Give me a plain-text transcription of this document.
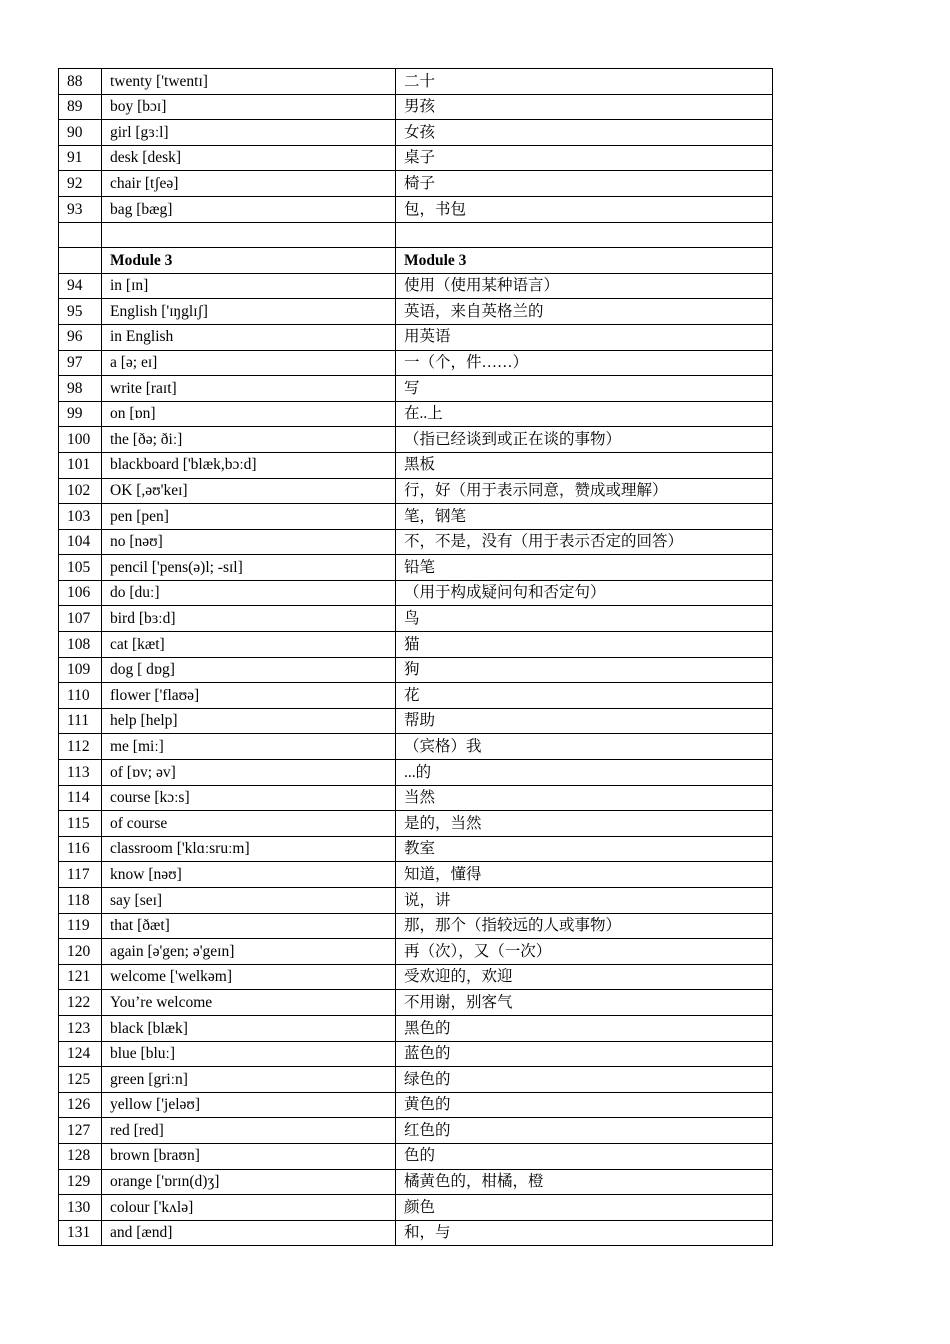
88	twenty ['twentɪ]	二十
89	boy [bɔɪ]	男孩
90	girl [gɜːl]	女孩
91	desk [desk]	桌子
92	chair [tʃeə]	椅子
93	bag [bæg]	包，书包

	Module 3	Module 3
94	in [ɪn]	使用（使用某种语言）
95	English ['ɪŋglɪʃ]	英语，来自英格兰的
96	in English	用英语
97	a [ə; eɪ]	一（个，件……）
98	write [raɪt]	写
99	on [ɒn]	在..上
100	the [ðə; ðiː]	（指已经谈到或正在谈的事物）
101	blackboard ['blæk,bɔːd]	黑板
102	OK [,əʊ'keɪ]	行，好（用于表示同意，赞成或理解）
103	pen [pen]	笔，钢笔
104	no [nəʊ]	不，不是，没有（用于表示否定的回答）
105	pencil ['pens(ə)l; -sɪl]	铅笔
106	do [duː]	（用于构成疑问句和否定句）
107	bird [bɜːd]	鸟
108	cat [kæt]	猫
109	dog [ dɒg]	狗
110	flower ['flaʊə]	花
111	help [help]	帮助
112	me [miː]	（宾格）我
113	of [ɒv; əv]	...的
114	course [kɔːs]	当然
115	of course	是的，当然
116	classroom ['klɑːsruːm]	教室
117	know [nəʊ]	知道，懂得
118	say [seɪ]	说，讲
119	that [ðæt]	那，那个（指较远的人或事物）
120	again [ə'gen; ə'geɪn]	再（次），又（一次）
121	welcome ['welkəm]	受欢迎的，欢迎
122	You’re welcome	不用谢，别客气
123	black [blæk]	黑色的
124	blue [bluː]	蓝色的
125	green [griːn]	绿色的
126	yellow ['jeləʊ]	黄色的
127	red [red]	红色的
128	brown [braʊn]	色的
129	orange ['ɒrɪn(d)ʒ]	橘黄色的，柑橘，橙
130	colour ['kʌlə]	颜色
131	and [ænd]	和，与
